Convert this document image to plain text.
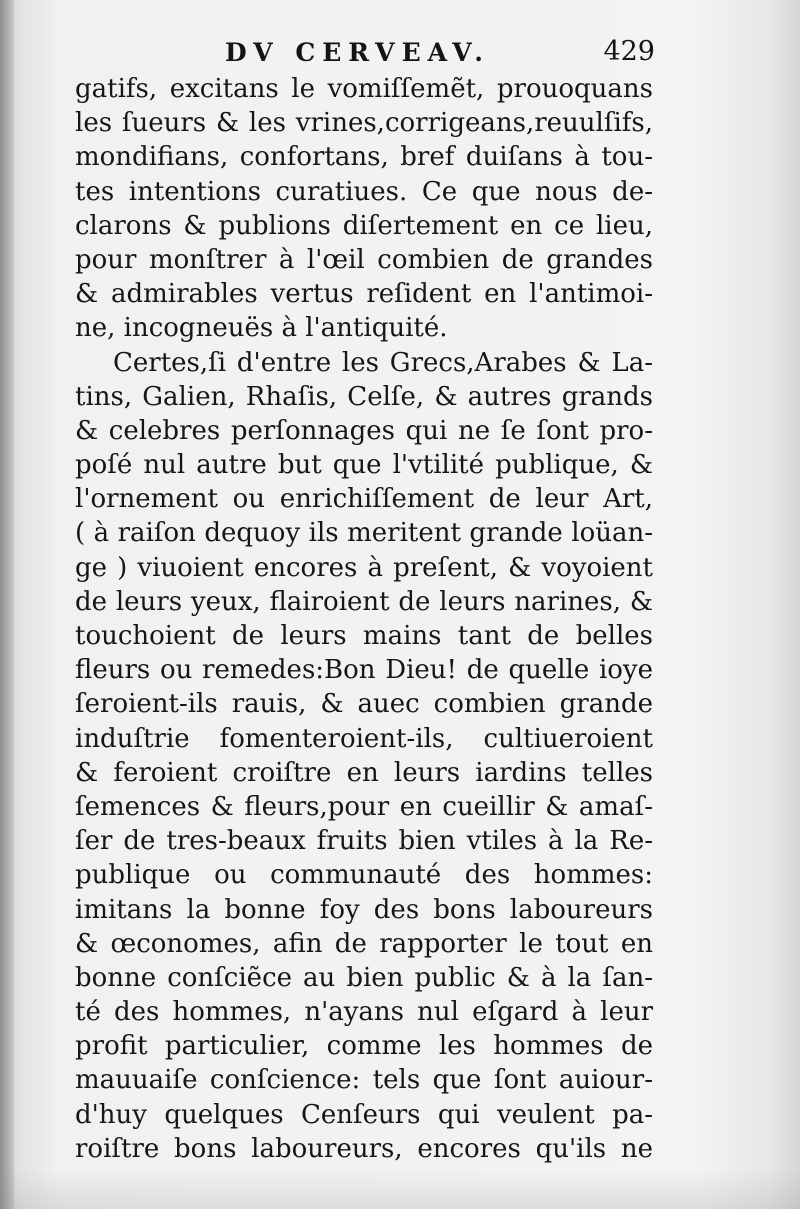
DV CERVEAV.	429
gatifs, excitans le vomiſſemẽt, prouoquans
les ſueurs & les vrines,corrigeans,reuulſifs,
mondifians, confortans, bref duiſans à tou-
tes intentions curatiues. Ce que nous de-
clarons & publions diſertement en ce lieu,
pour monſtrer à l'œil combien de grandes
& admirables vertus reſident en l'antimoi-
ne, incogneuës à l'antiquité.
Certes,ſi d'entre les Grecs,Arabes & La-
tins, Galien, Rhaſis, Celſe, & autres grands
& celebres perſonnages qui ne ſe ſont pro-
poſé nul autre but que l'vtilité publique, &
l'ornement ou enrichiſſement de leur Art,
( à raiſon dequoy ils meritent grande loüan-
ge ) viuoient encores à preſent, & voyoient
de leurs yeux, flairoient de leurs narines, &
touchoient de leurs mains tant de belles
fleurs ou remedes:Bon Dieu! de quelle ioye
ſeroient-ils rauis, & auec combien grande
induſtrie fomenteroient-ils, cultiueroient
& feroient croiſtre en leurs iardins telles
ſemences & fleurs,pour en cueillir & amaſ-
ſer de tres-beaux fruits bien vtiles à la Re-
publique ou communauté des hommes:
imitans la bonne foy des bons laboureurs
& œconomes, afin de rapporter le tout en
bonne conſciẽce au bien public & à la ſan-
té des hommes, n'ayans nul eſgard à leur
profit particulier, comme les hommes de
mauuaiſe conſcience: tels que ſont auiour-
d'huy quelques Cenſeurs qui veulent pa-
roiſtre bons laboureurs, encores qu'ils ne
